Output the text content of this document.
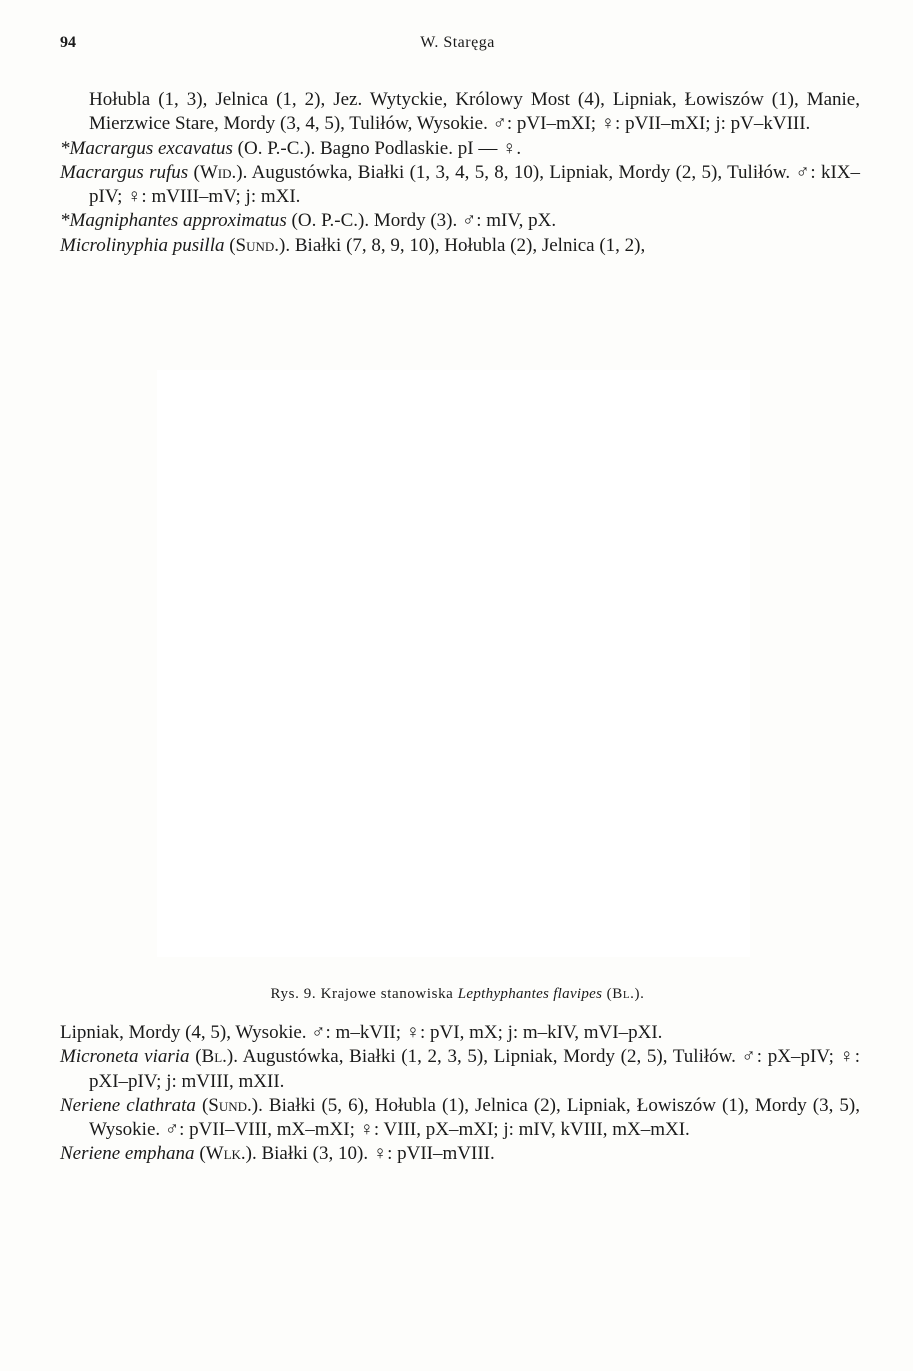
94	W. Staręga

Hołubla (1, 3), Jelnica (1, 2), Jez. Wytyckie, Królowy Most (4), Lipniak, Łowiszów (1), Manie, Mierzwice Stare, Mordy (3, 4, 5), Tuliłów, Wysokie. ♂: pVI–mXI; ♀: pVII–mXI; j: pV–kVIII.

*Macrargus excavatus (O. P.-C.). Bagno Podlaskie. pI — ♀.

Macrargus rufus (Wid.). Augustówka, Białki (1, 3, 4, 5, 8, 10), Lipniak, Mordy (2, 5), Tuliłów. ♂: kIX–pIV; ♀: mVIII–mV; j: mXI.

*Magniphantes approximatus (O. P.-C.). Mordy (3). ♂: mIV, pX.

Microlinyphia pusilla (Sund.). Białki (7, 8, 9, 10), Hołubla (2), Jelnica (1, 2),

Rys. 9. Krajowe stanowiska Lepthyphantes flavipes (Bl.).

Lipniak, Mordy (4, 5), Wysokie. ♂: m–kVII; ♀: pVI, mX; j: m–kIV, mVI–pXI.

Microneta viaria (Bl.). Augustówka, Białki (1, 2, 3, 5), Lipniak, Mordy (2, 5), Tuliłów. ♂: pX–pIV; ♀: pXI–pIV; j: mVIII, mXII.

Neriene clathrata (Sund.). Białki (5, 6), Hołubla (1), Jelnica (2), Lipniak, Łowiszów (1), Mordy (3, 5), Wysokie. ♂: pVII–VIII, mX–mXI; ♀: VIII, pX–mXI; j: mIV, kVIII, mX–mXI.

Neriene emphana (Wlk.). Białki (3, 10). ♀: pVII–mVIII.
